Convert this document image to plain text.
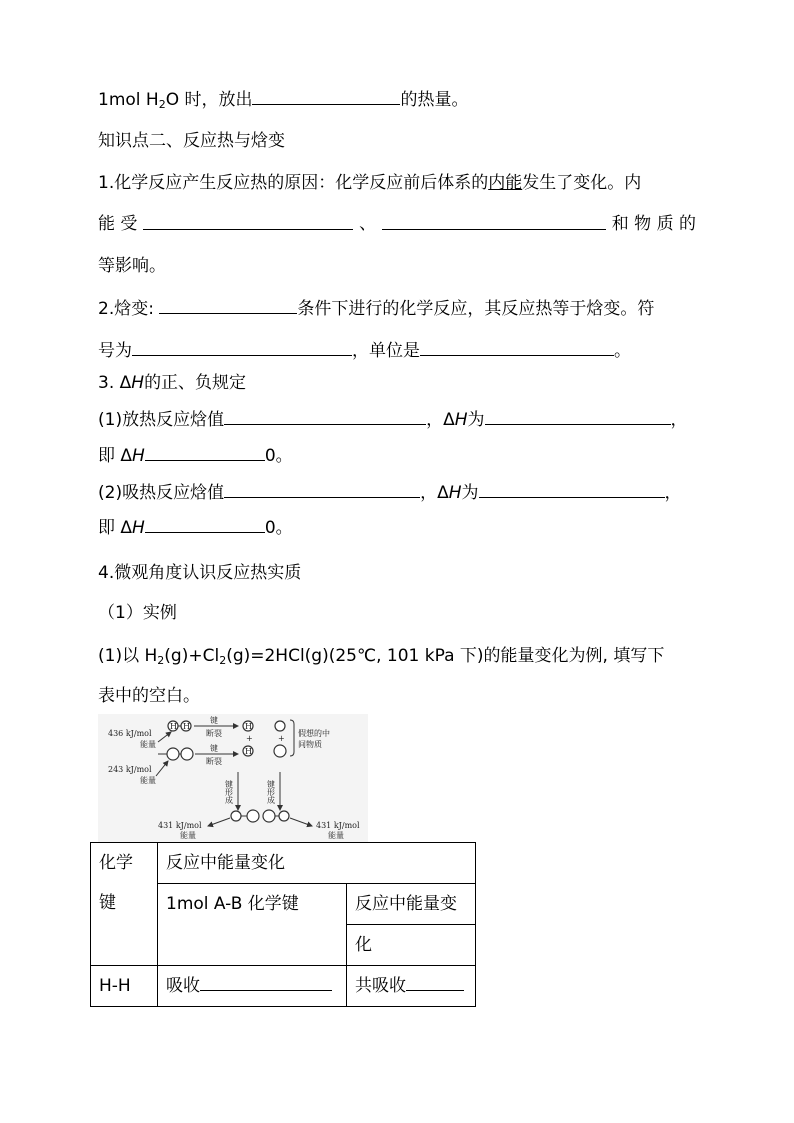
1mol $H_2O$ 时，放出	的热量。
知识点二、反应热与焓变
1.化学反应产生反应热的原因：化学反应前后体系的内能发生了变化。内
能 受	、	和 物 质 的
等影响。
2.焓变:	条件下进行的化学反应，其反应热等于焓变。符
号为	，单位是	。
3. ΔH的正、负规定
(1)放热反应焓值	，ΔH为	，
即 ΔH	0。
(2)吸热反应焓值	，ΔH为	，
即 ΔH	0。
4.微观角度认识反应热实质
（1）实例
(1)以 $H_2(g)+Cl_2(g)=2HCl(g)(25℃$, 101 kPa 下)的能量变化为例, 填写下
表中的空白。
H H
键
断裂
H
+
H
436 kJ/mol
能量	键
断裂
+
假想的中
间物质
243 kJ/mol
能量	键形成	键形成
431 kJ/mol
能量
431 kJ/mol
能量
化学
键	反应中能量变化	
	1mol A-B 化学键	反应中能量变
		化
H-H	吸收	共吸收
